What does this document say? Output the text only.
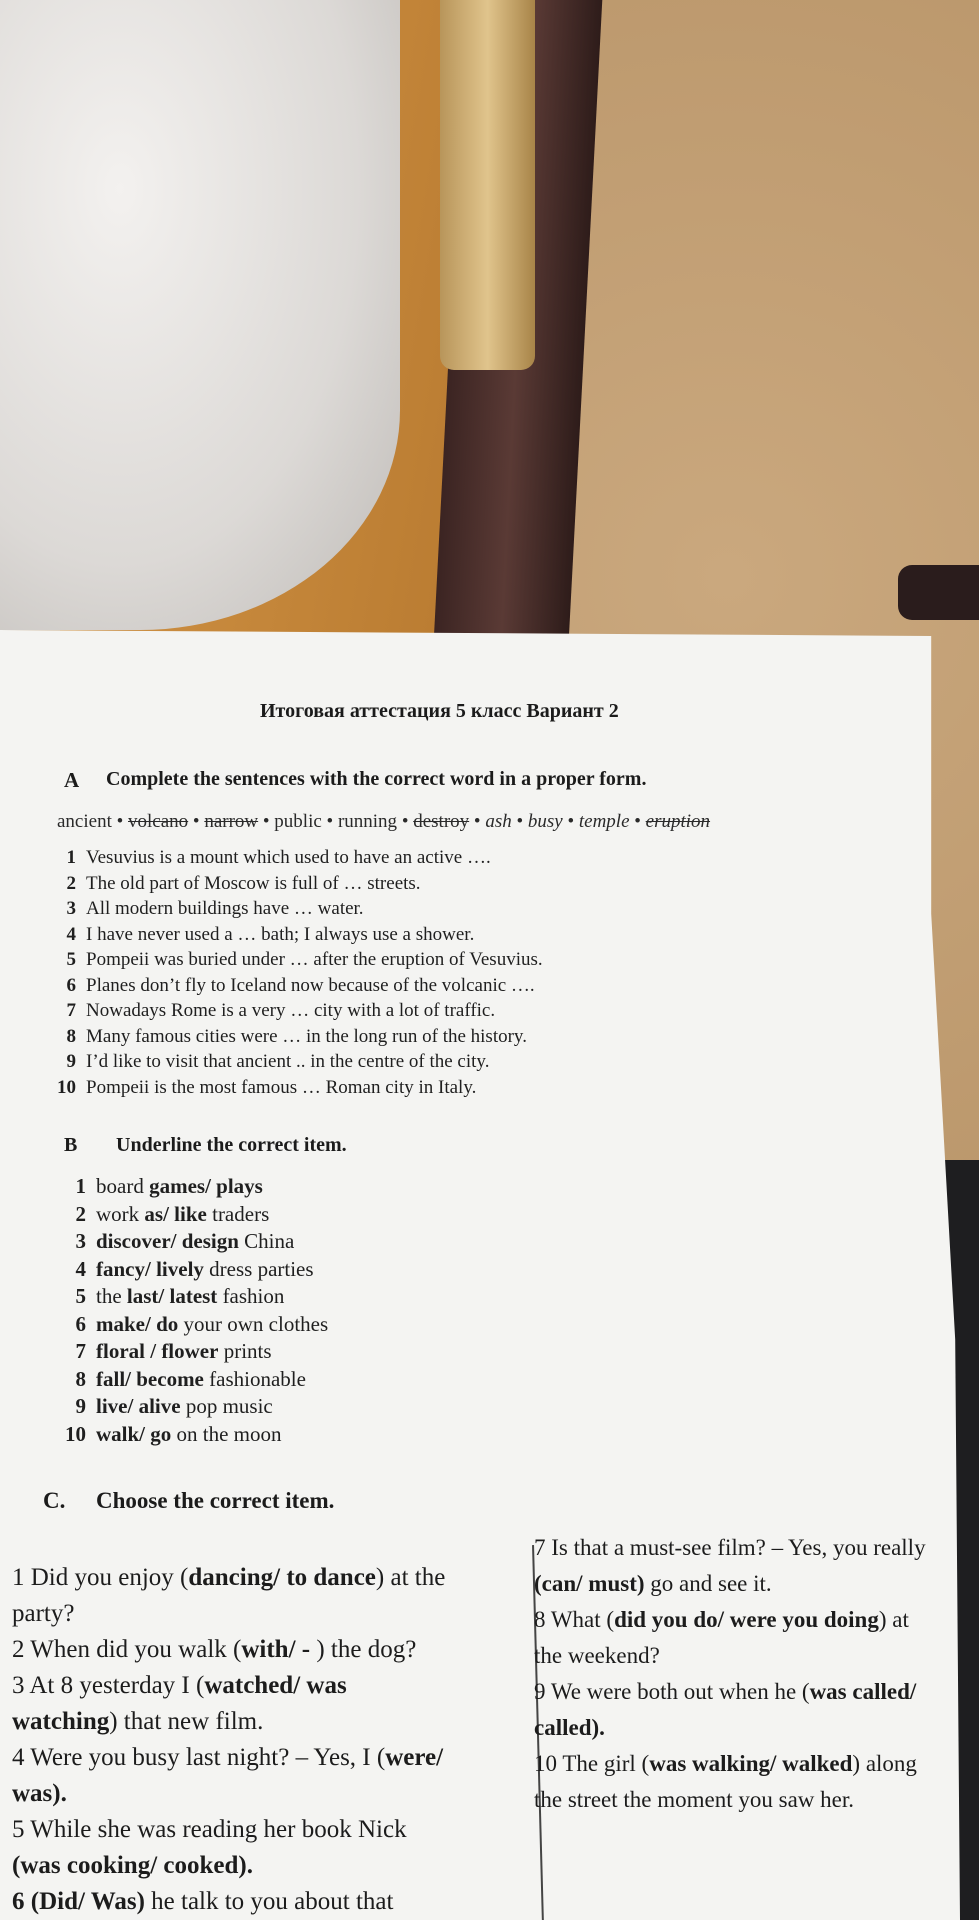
Итоговая аттестация 5 класс Вариант 2
A Complete the sentences with the correct word in a proper form.
ancient • volcano • narrow • public • running • destroy • ash • busy • temple • eruption
1 Vesuvius is a mount which used to have an active ….
2 The old part of Moscow is full of … streets.
3 All modern buildings have … water.
4 I have never used a … bath; I always use a shower.
5 Pompeii was buried under … after the eruption of Vesuvius.
6 Planes don’t fly to Iceland now because of the volcanic ….
7 Nowadays Rome is a very … city with a lot of traffic.
8 Many famous cities were … in the long run of the history.
9 I’d like to visit that ancient .. in the centre of the city.
10 Pompeii is the most famous … Roman city in Italy.
B Underline the correct item.
1 board games/ plays
2 work as/ like traders
3 discover/ design China
4 fancy/ lively dress parties
5 the last/ latest fashion
6 make/ do your own clothes
7 floral / flower prints
8 fall/ become fashionable
9 live/ alive pop music
10 walk/ go on the moon
C. Choose the correct item.
1 Did you enjoy (dancing/ to dance) at the
party?
2 When did you walk (with/ - ) the dog?
3 At 8 yesterday I (watched/ was
watching) that new film.
4 Were you busy last night? – Yes, I (were/
was).
5 While she was reading her book Nick
(was cooking/ cooked).
6 (Did/ Was) he talk to you about that
7 Is that a must-see film? – Yes, you really
(can/ must) go and see it.
8 What (did you do/ were you doing) at
the weekend?
9 We were both out when he (was called/
called).
10 The girl (was walking/ walked) along
the street the moment you saw her.
